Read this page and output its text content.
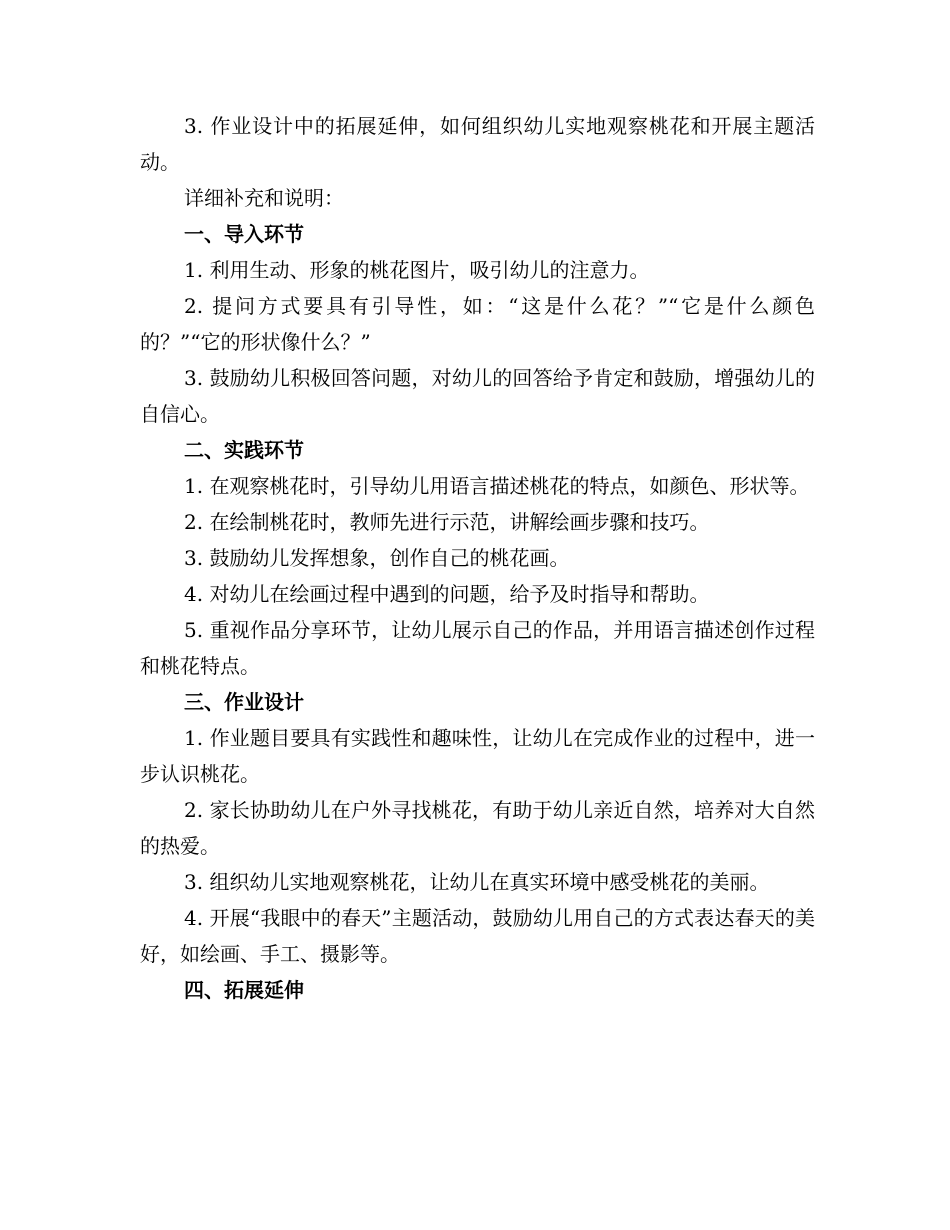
3. 作业设计中的拓展延伸，如何组织幼儿实地观察桃花和开展主题活动。

详细补充和说明：

一、导入环节

1. 利用生动、形象的桃花图片，吸引幼儿的注意力。

2. 提问方式要具有引导性，如：“这是什么花？”“它是什么颜色的？”“它的形状像什么？”

3. 鼓励幼儿积极回答问题，对幼儿的回答给予肯定和鼓励，增强幼儿的自信心。

二、实践环节

1. 在观察桃花时，引导幼儿用语言描述桃花的特点，如颜色、形状等。

2. 在绘制桃花时，教师先进行示范，讲解绘画步骤和技巧。

3. 鼓励幼儿发挥想象，创作自己的桃花画。

4. 对幼儿在绘画过程中遇到的问题，给予及时指导和帮助。

5. 重视作品分享环节，让幼儿展示自己的作品，并用语言描述创作过程和桃花特点。

三、作业设计

1. 作业题目要具有实践性和趣味性，让幼儿在完成作业的过程中，进一步认识桃花。

2. 家长协助幼儿在户外寻找桃花，有助于幼儿亲近自然，培养对大自然的热爱。

3. 组织幼儿实地观察桃花，让幼儿在真实环境中感受桃花的美丽。

4. 开展“我眼中的春天”主题活动，鼓励幼儿用自己的方式表达春天的美好，如绘画、手工、摄影等。

四、拓展延伸
